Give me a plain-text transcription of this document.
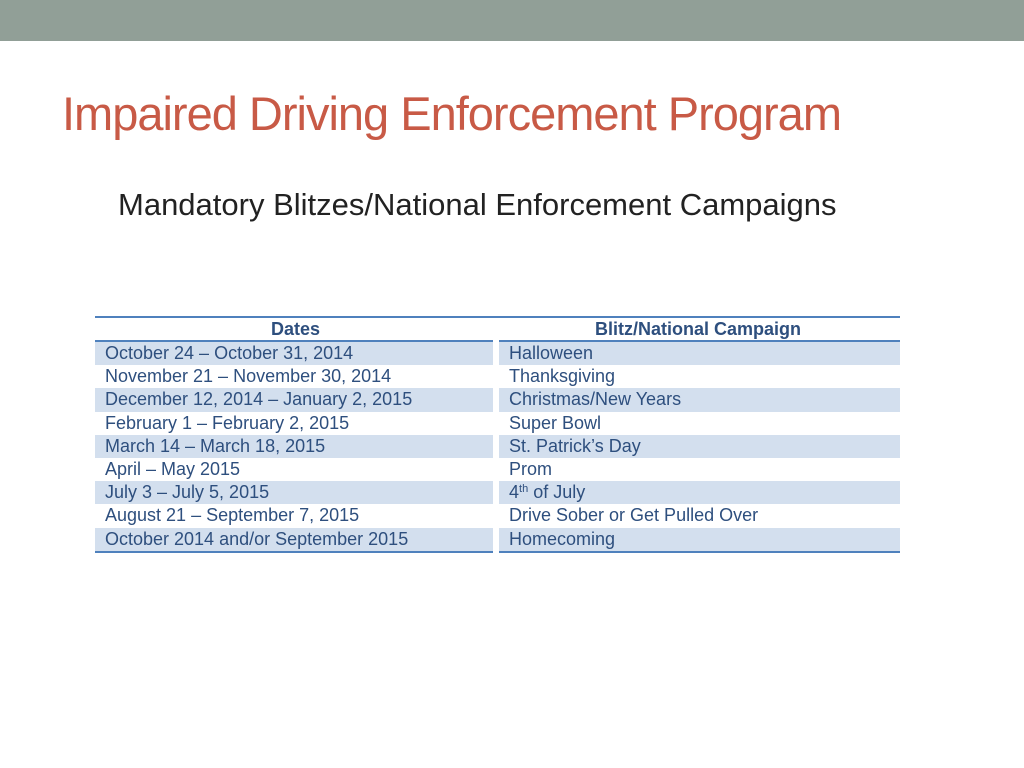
Impaired Driving Enforcement Program
Mandatory Blitzes/National Enforcement Campaigns
Dates	Blitz/National Campaign
October 24 – October 31, 2014	Halloween
November 21 – November 30, 2014	Thanksgiving
December 12, 2014 – January 2, 2015	Christmas/New Years
February 1 – February 2, 2015	Super Bowl
March 14 – March 18, 2015	St. Patrick’s Day
April – May 2015	Prom
July 3 – July 5, 2015	4th of July
August 21 – September 7, 2015	Drive Sober or Get Pulled Over
October 2014 and/or September 2015	Homecoming
